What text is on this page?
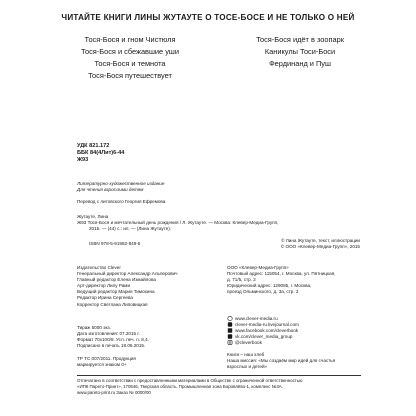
ЧИТАЙТЕ КНИГИ ЛИНЫ ЖУТАУТЕ О ТОСЕ-БОСЕ И НЕ ТОЛЬКО О НЕЙ
Тося-Бося и гном Чистюля
Тося-Бося и сбежавшие уши
Тося-Бося и темнота
Тося-Бося путешествует
Тося-Бося идёт в зоопарк
Каникулы Тоси-Боси
Фердинанд и Пуш
УДК 821.172
ББК 84(4Лит)6-44
Ж93
Литературно-художественное издание
Для чтения взрослыми детям
Перевод с литовского Георгия Ефремова
Жутауте, Лина
Ж93 Тося-Бося и мечтательный день рождения / Л. Жутауте. — Москва: Клевер-Медиа-Групп,
2015. — (44) с.: ил. — (Лина Жутауте).
ISBN 978-5-91982-849-5
© Лина Жутауте, текст, иллюстрации
© ООО «Клевер-Медиа-Групп», 2015
Издательство Clever
Генеральный директор Александр Альперович
Главный редактор Елена Измайлова
Арт-директор Лилу Рами
Ведущий редактор Мария Тимохина
Редактор Ирина Сергеева
Корректор Светлана Липовицкая
ООО «Клевер-Медиа-Групп»
Почтовый адрес: 115054, г. Москва, ул. Пятницкая,
д. 71/5, стр. 2
Юридический адрес: 129085, г. Москва,
проезд Ольминского, д. 3а, стр. 3
Тираж 5000 экз.
Дата изготовления: 07.2015 г.
Формат 70х100/8. Усл. печ. л. 8,4.
Подписано в печать 18.06.2015.
ТР ТС 007/2011. Продукция
маркируется знаком 0+
www.clever-media.ru
clever-media-ru.livejournal.com
www.facebook.com/cleverbook
vk.com/clever_media_group
@cleverbook
Книги – наш хлеб
Наша миссия: «Мы создаём мир идей для счастья
взрослых и детей»
Отпечатано в соответствии с предоставленными материалами в Обществе с ограниченной ответственностью
«ИПК Парето-Принт», 170546, Тверская область, Промышленная зона Боровлёво-1, комплекс №3А.
www.pareto-print.ru Заказ № 0000/00
